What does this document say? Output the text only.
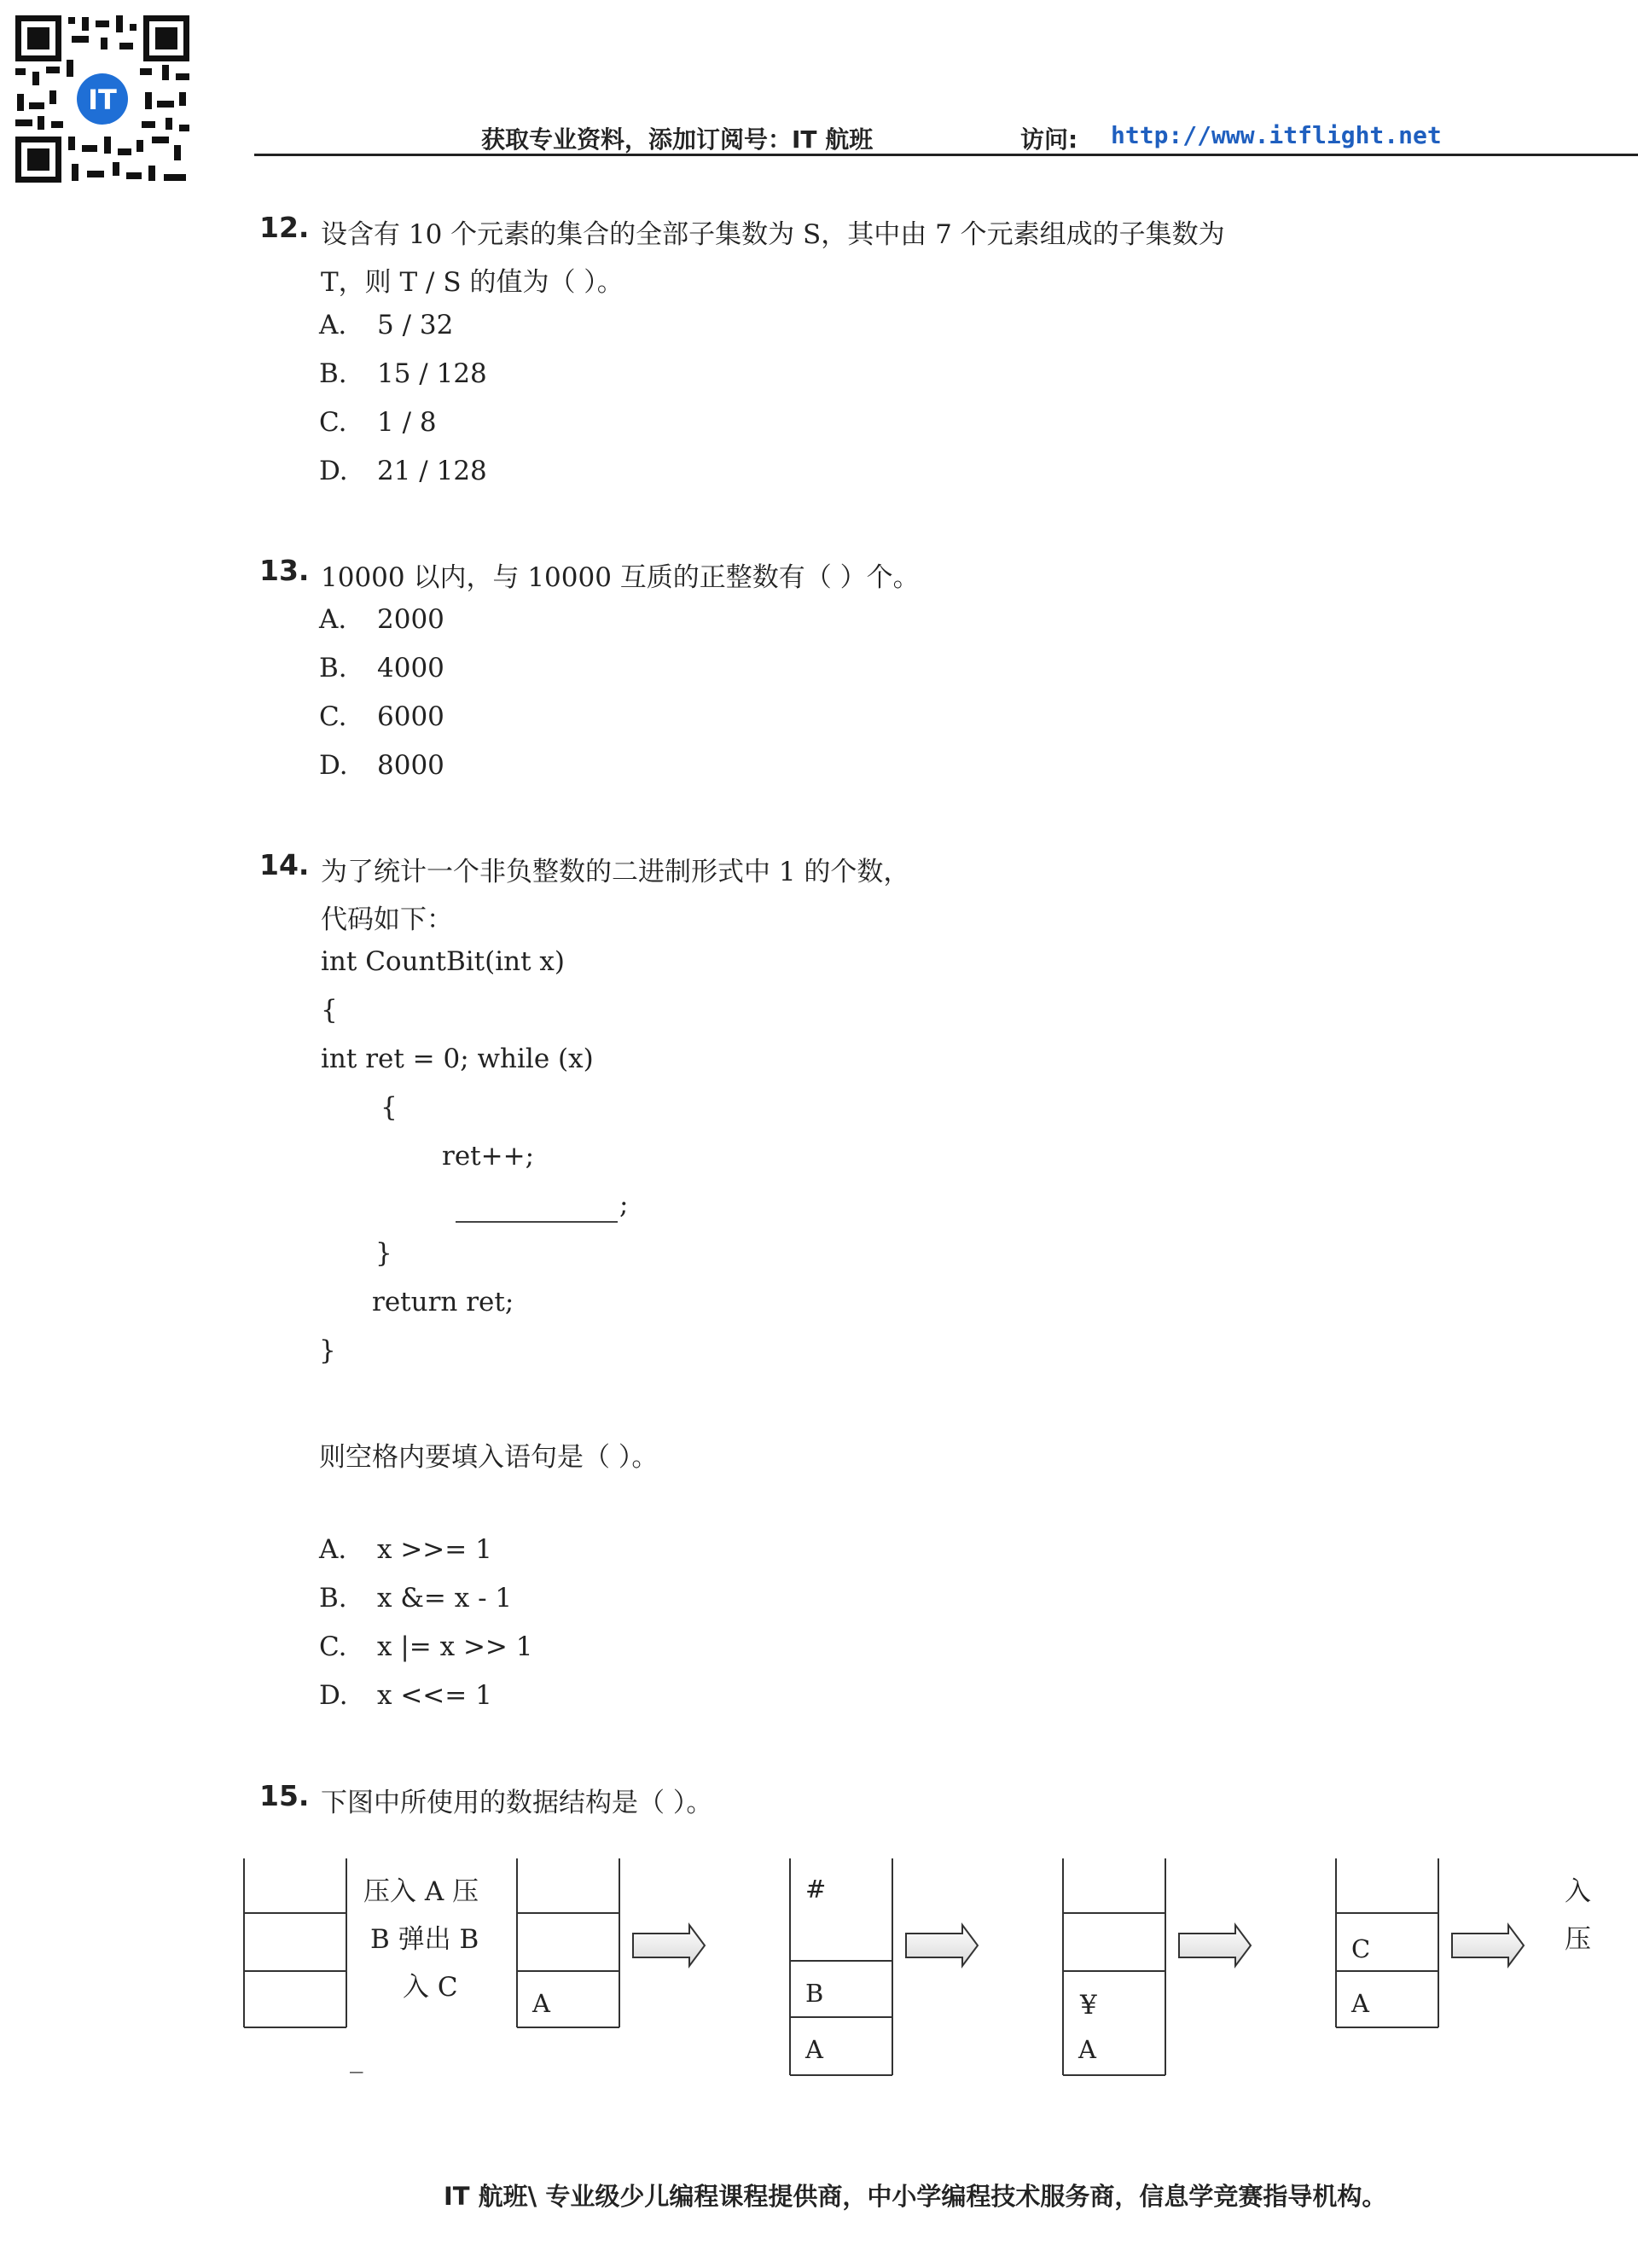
IT
获取专业资料，添加订阅号：IT 航班	访问: http://www.itflight.net
12. 设含有 10 个元素的集合的全部子集数为 S，其中由 7 个元素组成的子集数为
T，则 T / S 的值为（ ）。
A. 5 / 32
B. 15 / 128
C. 1 / 8
D. 21 / 128
13. 10000 以内，与 10000 互质的正整数有（ ）个。
A. 2000
B. 4000
C. 6000
D. 8000
14. 为了统计一个非负整数的二进制形式中 1 的个数，
代码如下：
int CountBit(int x)
{
int ret = 0; while (x)
{
ret++;
;
}
return ret;
}
则空格内要填入语句是（ ）。
A. x >>= 1
B. x &= x - 1
C. x |= x >> 1
D. x <<= 1
15. 下图中所使用的数据结构是（ ）。
压入 A 压
B 弹出 B
入 C
_
A
#
B
A
¥
A
C
A
入
压
IT 航班\ 专业级少儿编程课程提供商，中小学编程技术服务商，信息学竞赛指导机构。
